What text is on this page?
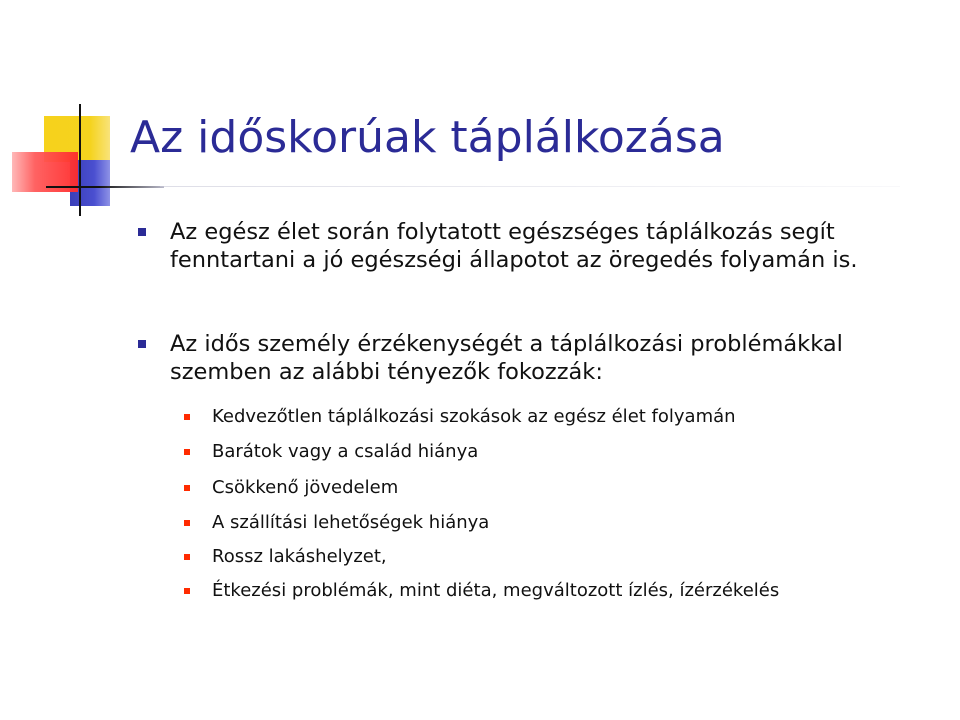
Az időskorúak táplálkozása
Az egész élet során folytatott egészséges táplálkozás segít fenntartani a jó egészségi állapotot az öregedés folyamán is.
Az idős személy érzékenységét a táplálkozási problémákkal szemben az alábbi tényezők fokozzák:
Kedvezőtlen táplálkozási szokások az egész élet folyamán
Barátok vagy a család hiánya
Csökkenő jövedelem
A szállítási lehetőségek hiánya
Rossz lakáshelyzet,
Étkezési problémák, mint diéta, megváltozott ízlés, ízérzékelés
